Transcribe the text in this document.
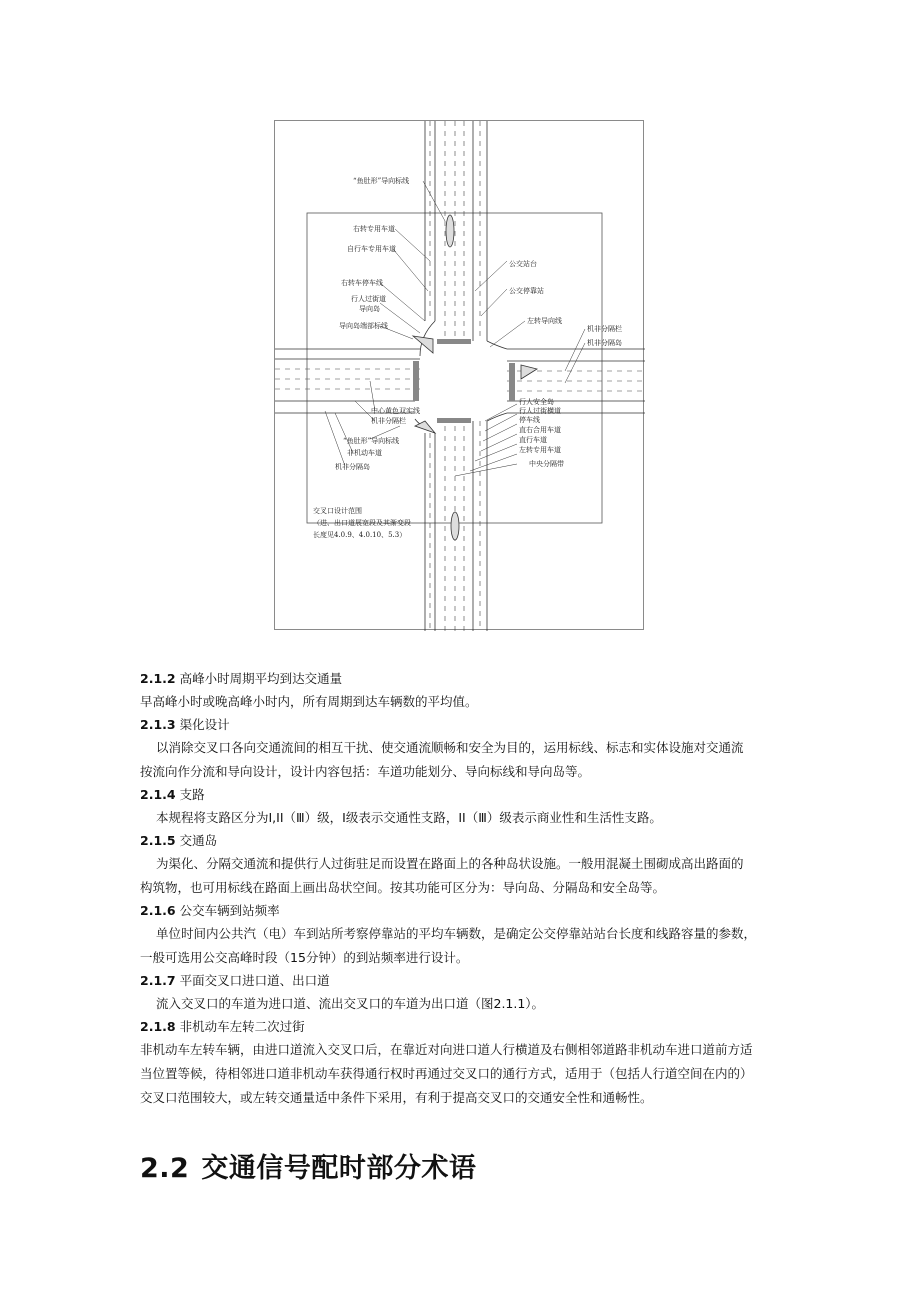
“鱼肚形”导向标线
右转专用车道
自行车专用车道
右转车停车线
行人过街道
导向岛
导向岛端部标线
公交站台
公交停靠站
左转导向线
机非分隔栏
机非分隔岛
中心黄色双实线
机非分隔栏
“鱼肚形”导向标线
非机动车道
机非分隔岛
行人安全岛
行人过街横道
停车线
直右合用车道
直行车道
左转专用车道
中央分隔带
交叉口设计范围
（进、出口道展宽段及其渐变段
长度见4.0.9、4.0.10、5.3）

2.1.2 高峰小时周期平均到达交通量

早高峰小时或晚高峰小时内，所有周期到达车辆数的平均值。

2.1.3 渠化设计

以消除交叉口各向交通流间的相互干扰、使交通流顺畅和安全为目的，运用标线、标志和实体设施对交通流

按流向作分流和导向设计，设计内容包括：车道功能划分、导向标线和导向岛等。

2.1.4 支路

本规程将支路区分为I,II（Ⅲ）级，I级表示交通性支路，II（Ⅲ）级表示商业性和生活性支路。

2.1.5 交通岛

为渠化、分隔交通流和提供行人过街驻足而设置在路面上的各种岛状设施。一般用混凝土围砌成高出路面的

构筑物，也可用标线在路面上画出岛状空间。按其功能可区分为：导向岛、分隔岛和安全岛等。

2.1.6 公交车辆到站频率

单位时间内公共汽（电）车到站所考察停靠站的平均车辆数，是确定公交停靠站站台长度和线路容量的参数，

一般可选用公交高峰时段（15分钟）的到站频率进行设计。

2.1.7 平面交叉口进口道、出口道

流入交叉口的车道为进口道、流出交叉口的车道为出口道（图2.1.1）。

2.1.8 非机动车左转二次过街

非机动车左转车辆，由进口道流入交叉口后，在靠近对向进口道人行横道及右侧相邻道路非机动车进口道前方适

当位置等候，待相邻进口道非机动车获得通行权时再通过交叉口的通行方式，适用于（包括人行道空间在内的）

交叉口范围较大，或左转交通量适中条件下采用，有利于提高交叉口的交通安全性和通畅性。

2.2 交通信号配时部分术语
